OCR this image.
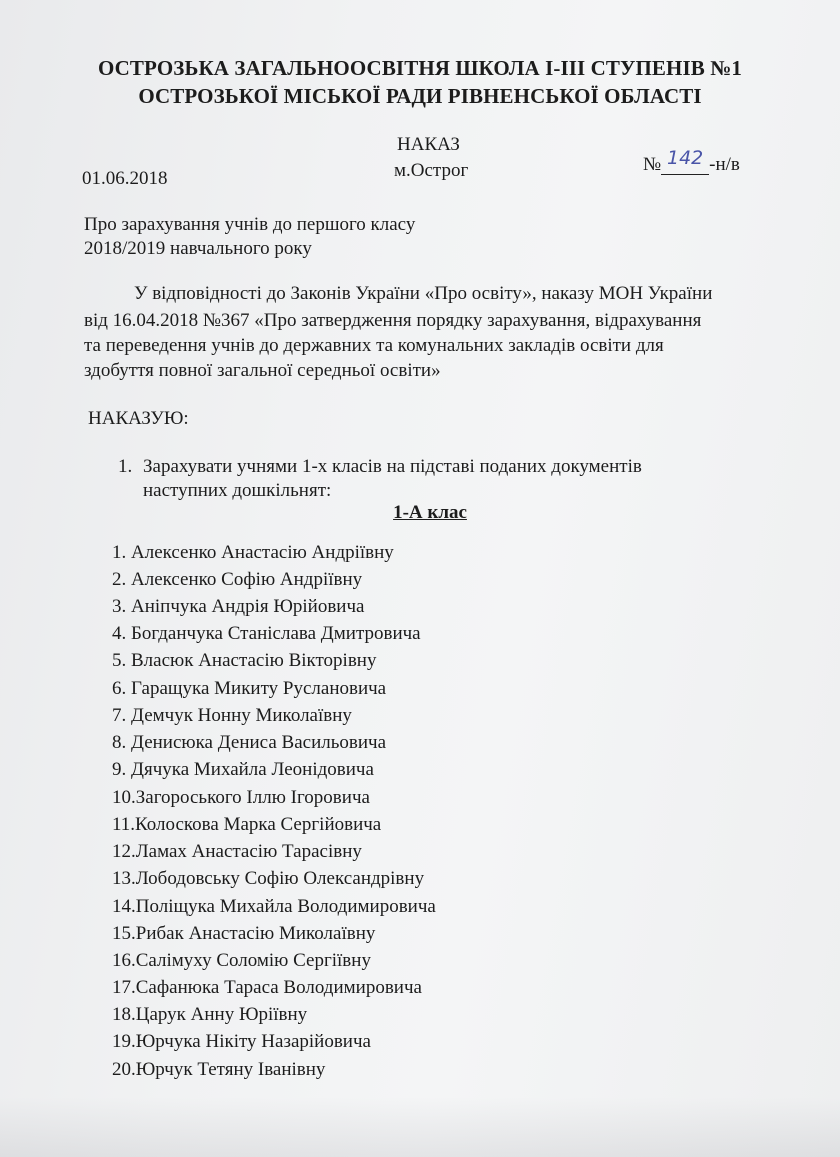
ОСТРОЗЬКА ЗАГАЛЬНООСВІТНЯ ШКОЛА І-ІІІ СТУПЕНІВ №1
ОСТРОЗЬКОЇ МІСЬКОЇ РАДИ РІВНЕНСЬКОЇ ОБЛАСТІ
НАКАЗ
01.06.2018	м.Острог	№ 142 -н/в
Про зарахування учнів до першого класу
2018/2019 навчального року
У відповідності до Законів України «Про освіту», наказу МОН України
від 16.04.2018 №367 «Про затвердження порядку зарахування, відрахування
та переведення учнів до державних та комунальних закладів освіти для
здобуття повної загальної середньої освіти»
НАКАЗУЮ:
1. Зарахувати учнями 1-х класів на підставі поданих документів
наступних дошкільнят:
1-А клас
1. Алексенко Анастасію Андріївну
2. Алексенко Софію Андріївну
3. Аніпчука Андрія Юрійовича
4. Богданчука Станіслава Дмитровича
5. Власюк Анастасію Вікторівну
6. Гаращука Микиту Руслановича
7. Демчук Нонну Миколаївну
8. Денисюка Дениса Васильовича
9. Дячука Михайла Леонідовича
10.Загороського Іллю Ігоровича
11.Колоскова Марка Сергійовича
12.Ламах Анастасію Тарасівну
13.Лободовську Софію Олександрівну
14.Поліщука Михайла Володимировича
15.Рибак Анастасію Миколаївну
16.Салімуху Соломію Сергіївну
17.Сафанюка Тараса Володимировича
18.Царук Анну Юріївну
19.Юрчука Нікіту Назарійовича
20.Юрчук Тетяну Іванівну
